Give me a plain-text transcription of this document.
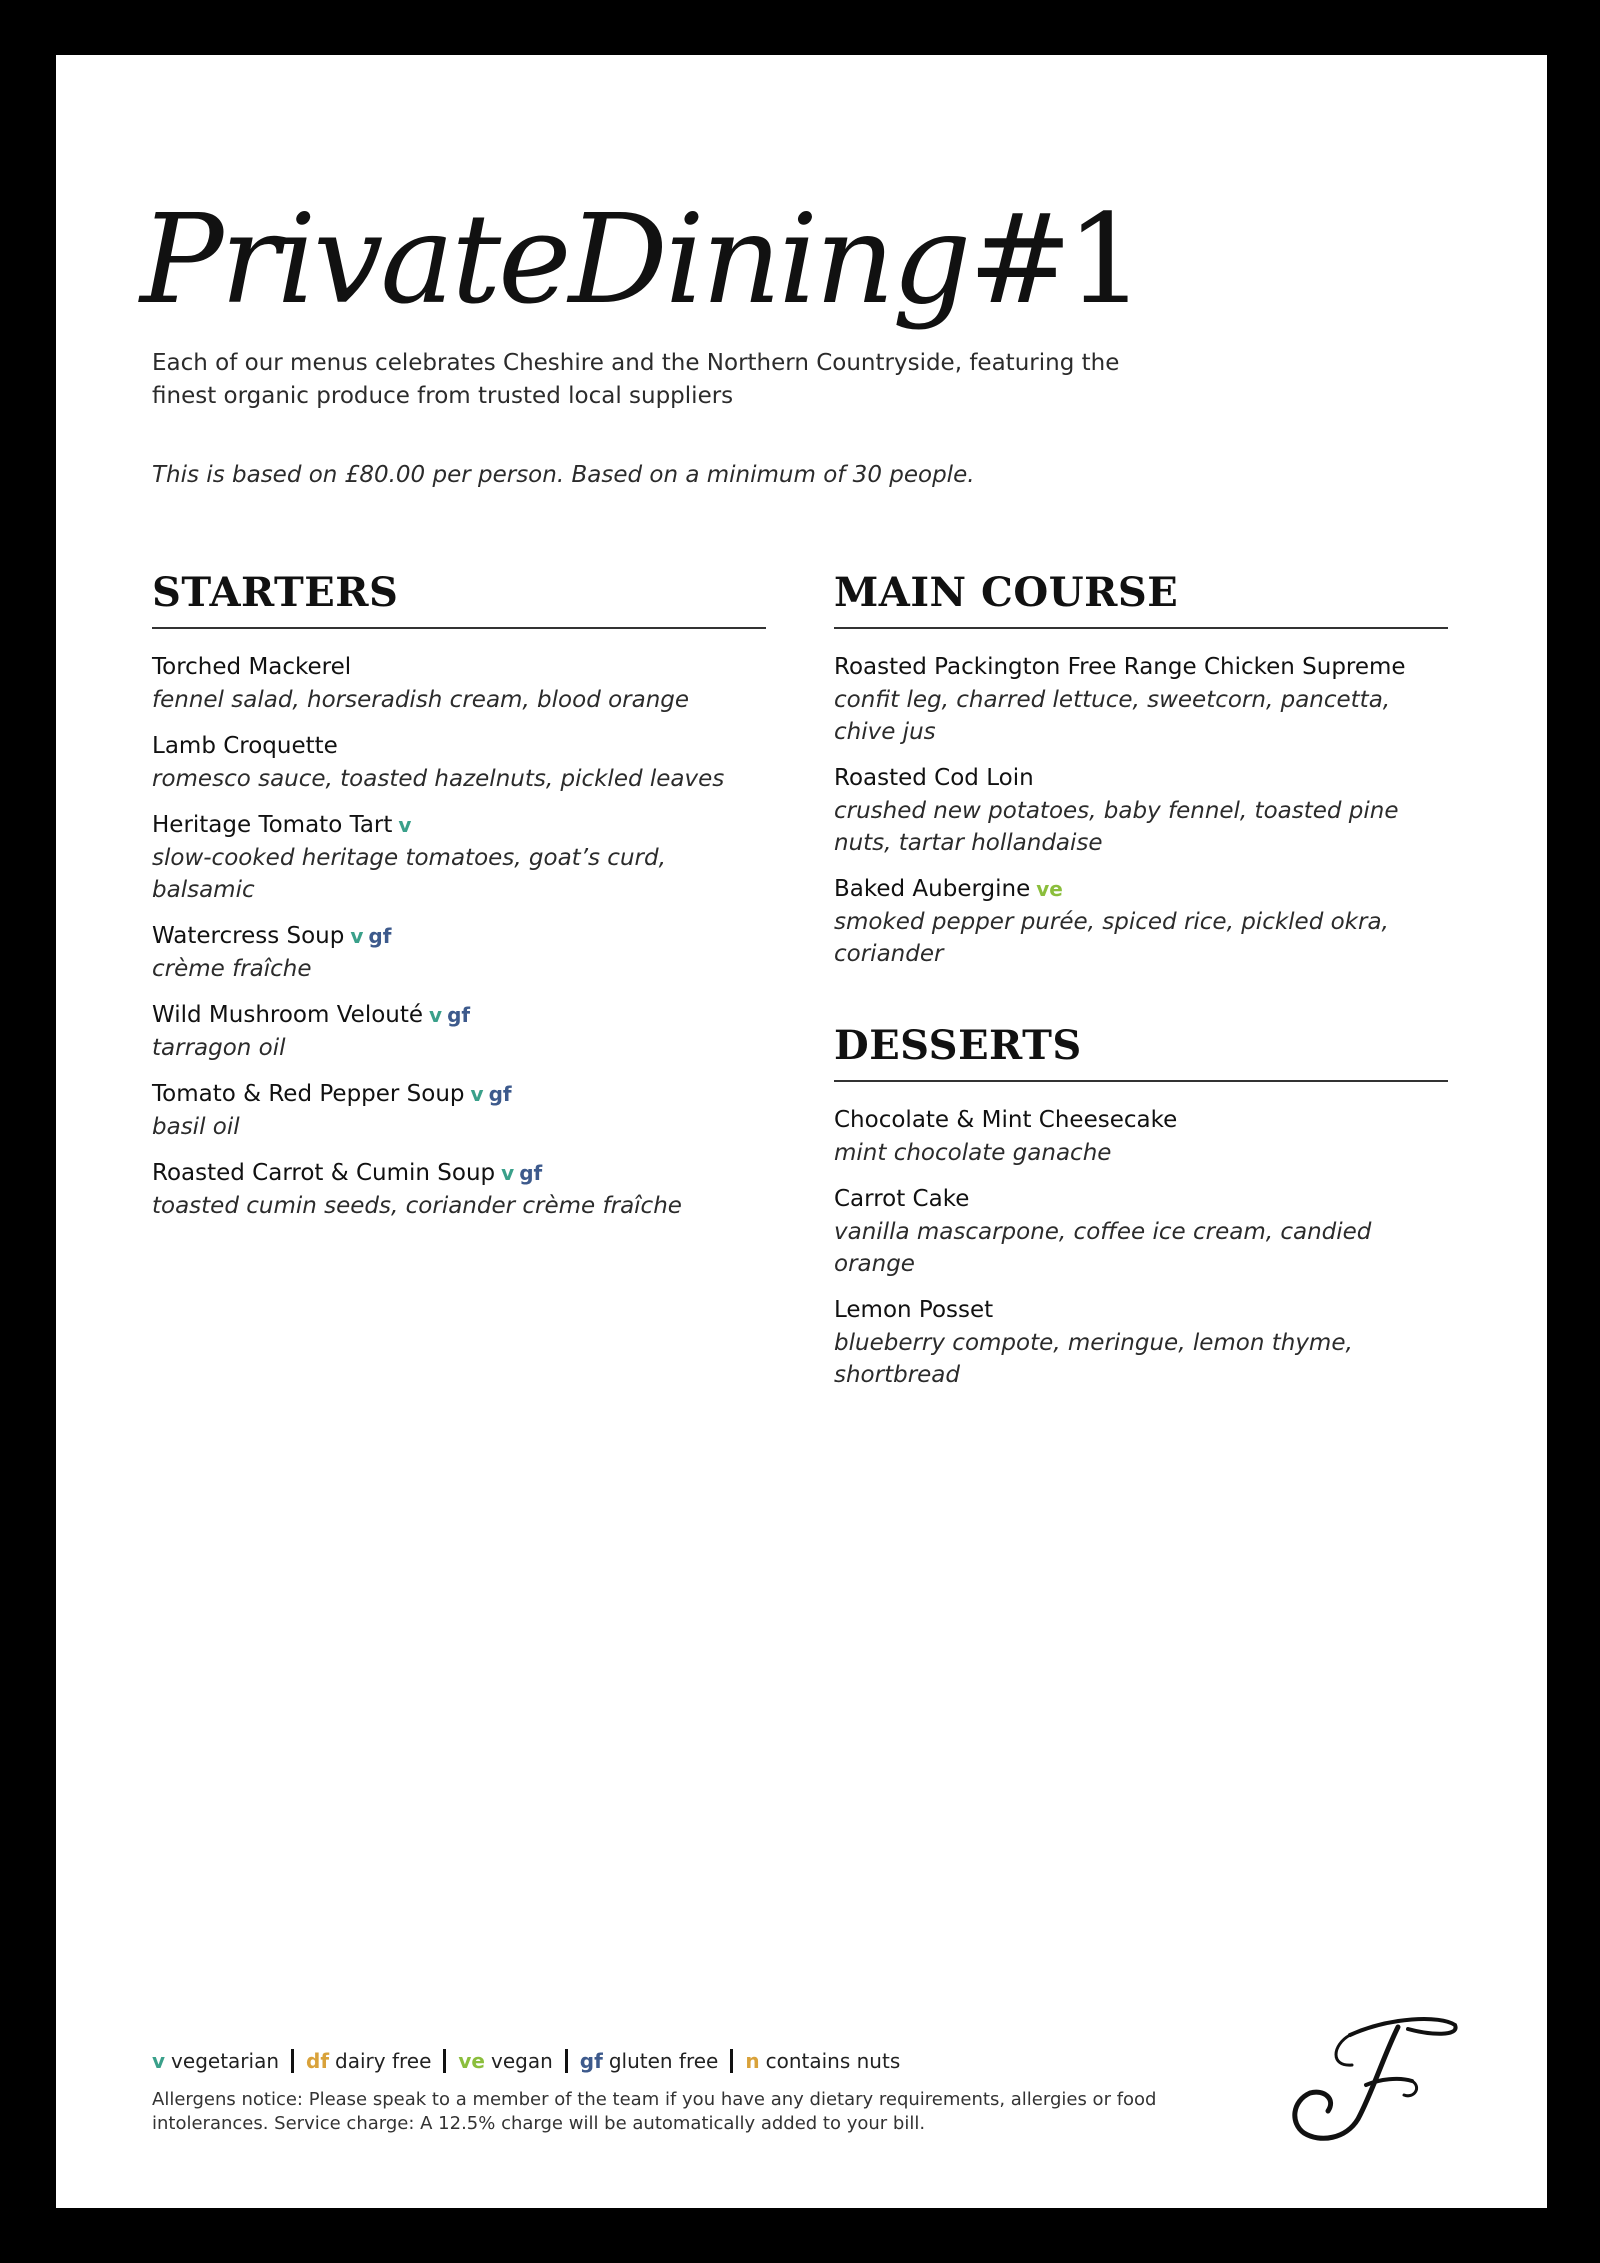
PrivateDining#1
Each of our menus celebrates Cheshire and the Northern Countryside, featuring the finest organic produce from trusted local suppliers
This is based on £80.00 per person. Based on a minimum of 30 people.
STARTERS
Torched Mackerel
fennel salad, horseradish cream, blood orange
Lamb Croquette
romesco sauce, toasted hazelnuts, pickled leaves
Heritage Tomato Tart v
slow-cooked heritage tomatoes, goat’s curd, balsamic
Watercress Soup v gf
crème fraîche
Wild Mushroom Velouté v gf
tarragon oil
Tomato & Red Pepper Soup v gf
basil oil
Roasted Carrot & Cumin Soup v gf
toasted cumin seeds, coriander crème fraîche
MAIN COURSE
Roasted Packington Free Range Chicken Supreme
confit leg, charred lettuce, sweetcorn, pancetta, chive jus
Roasted Cod Loin
crushed new potatoes, baby fennel, toasted pine nuts, tartar hollandaise
Baked Aubergine ve
smoked pepper purée, spiced rice, pickled okra, coriander
DESSERTS
Chocolate & Mint Cheesecake
mint chocolate ganache
Carrot Cake
vanilla mascarpone, coffee ice cream, candied orange
Lemon Posset
blueberry compote, meringue, lemon thyme, shortbread
v vegetarian df dairy free ve vegan gf gluten free n contains nuts
Allergens notice: Please speak to a member of the team if you have any dietary requirements, allergies or food intolerances. Service charge: A 12.5% charge will be automatically added to your bill.
